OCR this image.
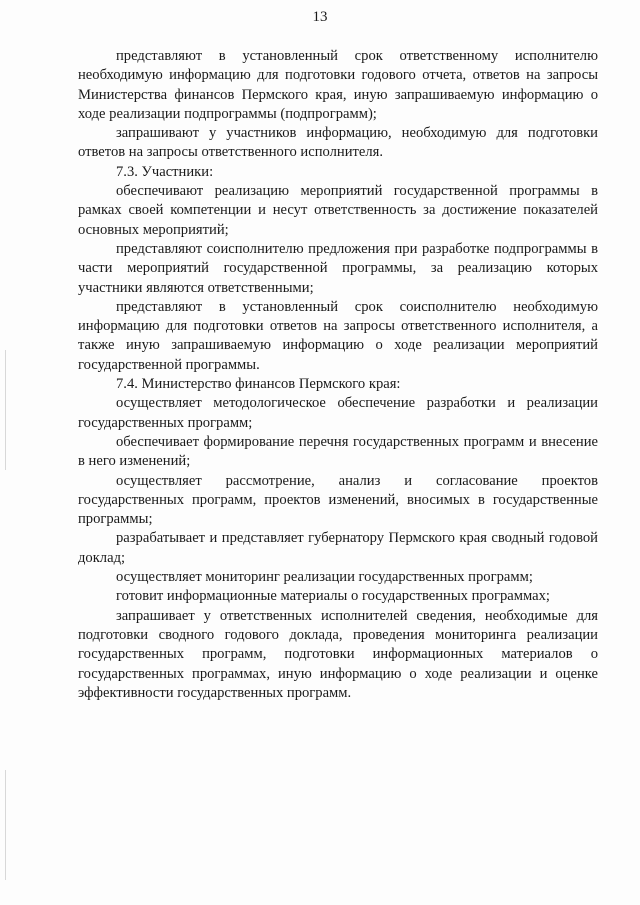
13

представляют в установленный срок ответственному исполнителю необходимую информацию для подготовки годового отчета, ответов на запросы Министерства финансов Пермского края, иную запрашиваемую информацию о ходе реализации подпрограммы (подпрограмм);

запрашивают у участников информацию, необходимую для подготовки ответов на запросы ответственного исполнителя.

7.3. Участники:

обеспечивают реализацию мероприятий государственной программы в рамках своей компетенции и несут ответственность за достижение показателей основных мероприятий;

представляют соисполнителю предложения при разработке подпрограммы в части мероприятий государственной программы, за реализацию которых участники являются ответственными;

представляют в установленный срок соисполнителю необходимую информацию для подготовки ответов на запросы ответственного исполнителя, а также иную запрашиваемую информацию о ходе реализации мероприятий государственной программы.

7.4. Министерство финансов Пермского края:

осуществляет методологическое обеспечение разработки и реализации государственных программ;

обеспечивает формирование перечня государственных программ и внесение в него изменений;

осуществляет рассмотрение, анализ и согласование проектов государственных программ, проектов изменений, вносимых в государственные программы;

разрабатывает и представляет губернатору Пермского края сводный годовой доклад;

осуществляет мониторинг реализации государственных программ;

готовит информационные материалы о государственных программах;

запрашивает у ответственных исполнителей сведения, необходимые для подготовки сводного годового доклада, проведения мониторинга реализации государственных программ, подготовки информационных материалов о государственных программах, иную информацию о ходе реализации и оценке эффективности государственных программ.
